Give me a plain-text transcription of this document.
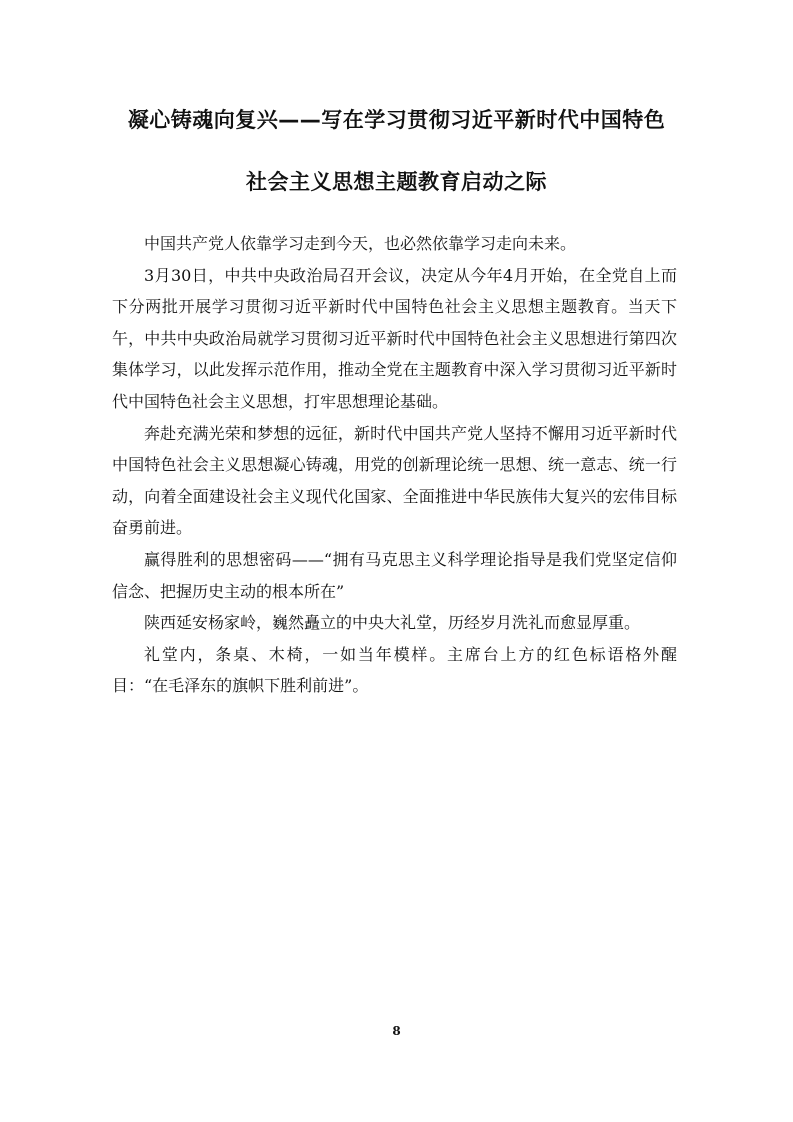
凝心铸魂向复兴——写在学习贯彻习近平新时代中国特色
社会主义思想主题教育启动之际

中国共产党人依靠学习走到今天，也必然依靠学习走向未来。

3月30日，中共中央政治局召开会议，决定从今年4月开始，在全党自上而下分两批开展学习贯彻习近平新时代中国特色社会主义思想主题教育。当天下午，中共中央政治局就学习贯彻习近平新时代中国特色社会主义思想进行第四次集体学习，以此发挥示范作用，推动全党在主题教育中深入学习贯彻习近平新时代中国特色社会主义思想，打牢思想理论基础。

奔赴充满光荣和梦想的远征，新时代中国共产党人坚持不懈用习近平新时代中国特色社会主义思想凝心铸魂，用党的创新理论统一思想、统一意志、统一行动，向着全面建设社会主义现代化国家、全面推进中华民族伟大复兴的宏伟目标奋勇前进。

赢得胜利的思想密码——“拥有马克思主义科学理论指导是我们党坚定信仰信念、把握历史主动的根本所在”

陕西延安杨家岭，巍然矗立的中央大礼堂，历经岁月洗礼而愈显厚重。

礼堂内，条桌、木椅，一如当年模样。主席台上方的红色标语格外醒目：“在毛泽东的旗帜下胜利前进”。

8
